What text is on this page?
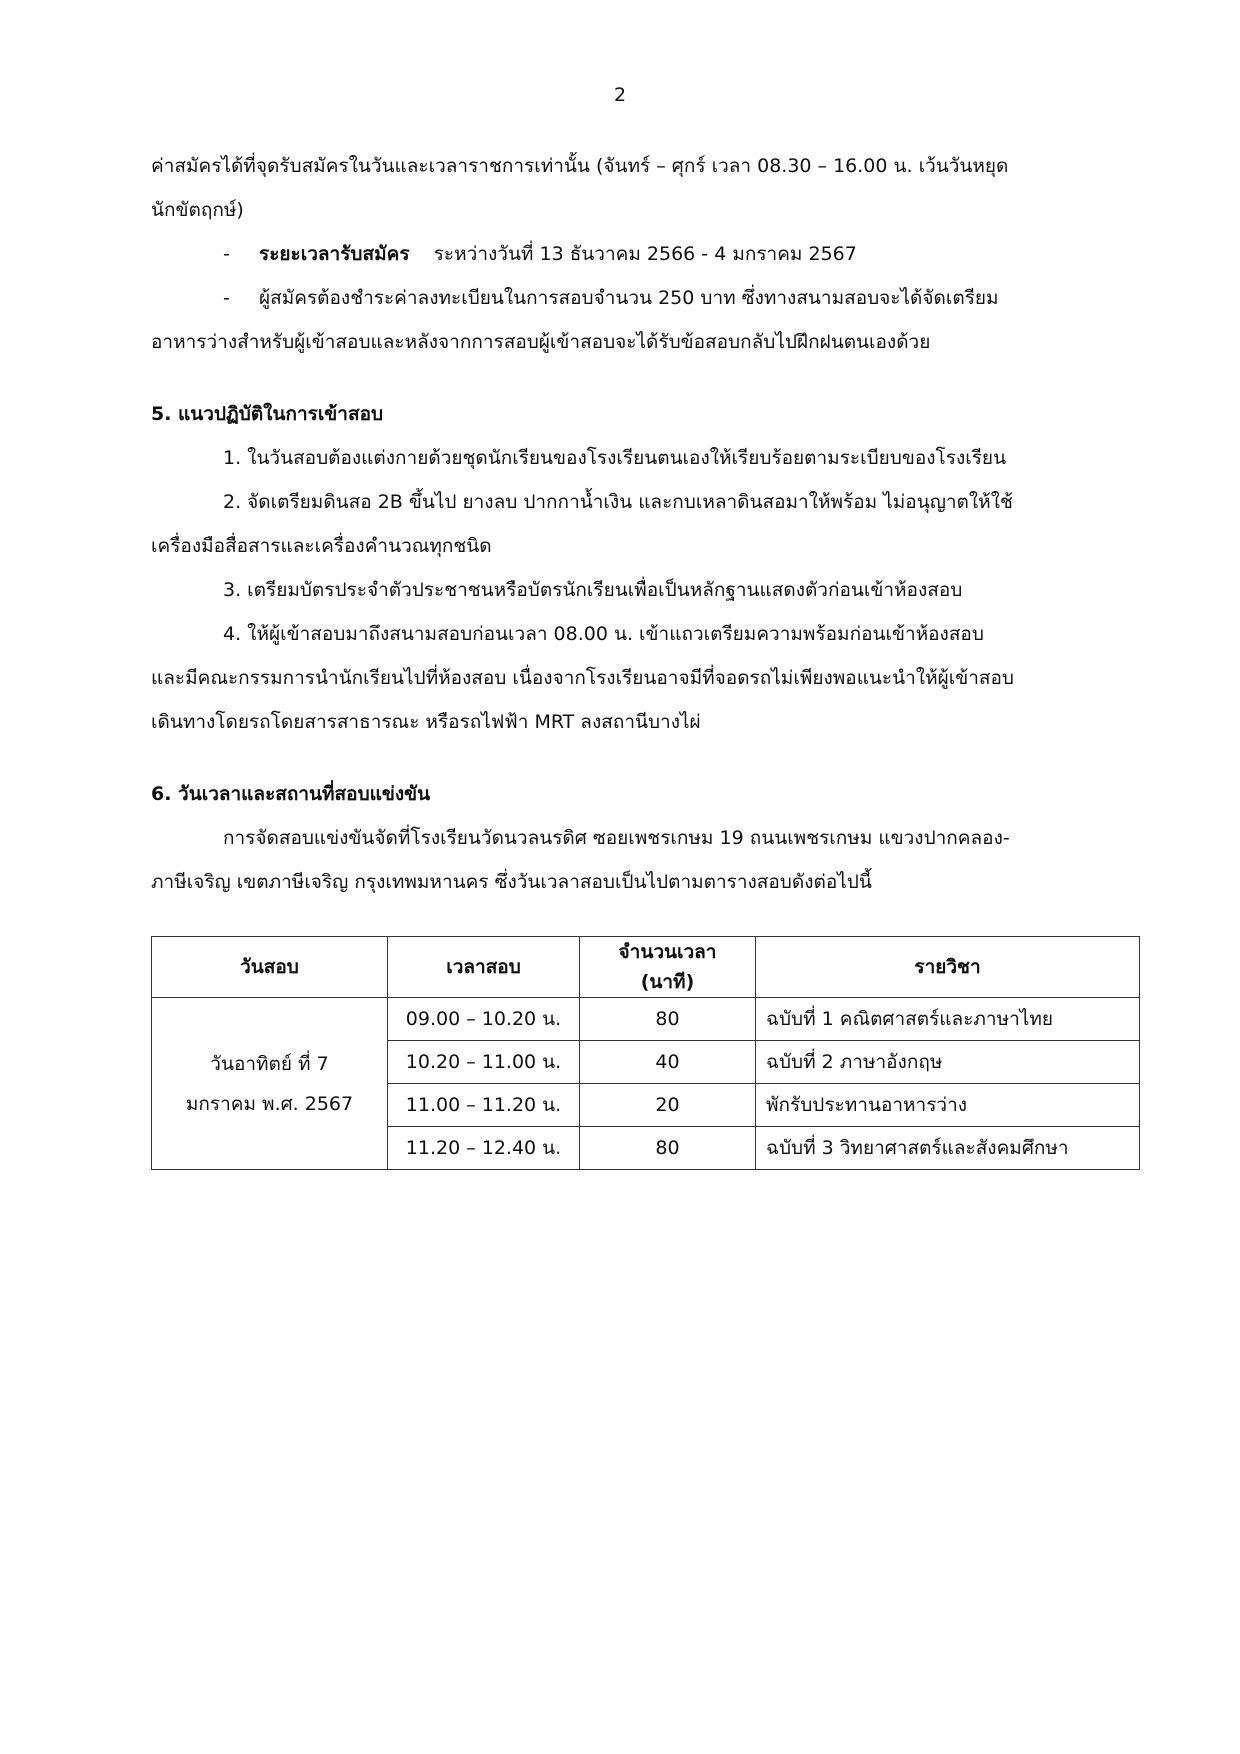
2

ค่าสมัครได้ที่จุดรับสมัครในวันและเวลาราชการเท่านั้น (จันทร์ – ศุกร์ เวลา 08.30 – 16.00 น. เว้นวันหยุด

นักขัตฤกษ์)

-	ระยะเวลารับสมัคร ระหว่างวันที่ 13 ธันวาคม 2566 - 4 มกราคม 2567

-	ผู้สมัครต้องชำระค่าลงทะเบียนในการสอบจำนวน 250 บาท ซึ่งทางสนามสอบจะได้จัดเตรียม

อาหารว่างสำหรับผู้เข้าสอบและหลังจากการสอบผู้เข้าสอบจะได้รับข้อสอบกลับไปฝึกฝนตนเองด้วย

5. แนวปฏิบัติในการเข้าสอบ

1. ในวันสอบต้องแต่งกายด้วยชุดนักเรียนของโรงเรียนตนเองให้เรียบร้อยตามระเบียบของโรงเรียน

2. จัดเตรียมดินสอ 2B ขึ้นไป ยางลบ ปากกาน้ำเงิน และกบเหลาดินสอมาให้พร้อม ไม่อนุญาตให้ใช้

เครื่องมือสื่อสารและเครื่องคำนวณทุกชนิด

3. เตรียมบัตรประจำตัวประชาชนหรือบัตรนักเรียนเพื่อเป็นหลักฐานแสดงตัวก่อนเข้าห้องสอบ

4. ให้ผู้เข้าสอบมาถึงสนามสอบก่อนเวลา 08.00 น. เข้าแถวเตรียมความพร้อมก่อนเข้าห้องสอบ

และมีคณะกรรมการนำนักเรียนไปที่ห้องสอบ เนื่องจากโรงเรียนอาจมีที่จอดรถไม่เพียงพอแนะนำให้ผู้เข้าสอบ

เดินทางโดยรถโดยสารสาธารณะ หรือรถไฟฟ้า MRT ลงสถานีบางไผ่

6. วันเวลาและสถานที่สอบแข่งขัน

การจัดสอบแข่งขันจัดที่โรงเรียนวัดนวลนรดิศ ซอยเพชรเกษม 19 ถนนเพชรเกษม แขวงปากคลอง-

ภาษีเจริญ เขตภาษีเจริญ กรุงเทพมหานคร ซึ่งวันเวลาสอบเป็นไปตามตารางสอบดังต่อไปนี้

วันสอบ	เวลาสอบ	จำนวนเวลา (นาที)	รายวิชา

วันอาทิตย์ ที่ 7
มกราคม พ.ศ. 2567	09.00 – 10.20 น.	80	ฉบับที่ 1 คณิตศาสตร์และภาษาไทย
	10.20 – 11.00 น.	40	ฉบับที่ 2 ภาษาอังกฤษ
	11.00 – 11.20 น.	20	พักรับประทานอาหารว่าง
	11.20 – 12.40 น.	80	ฉบับที่ 3 วิทยาศาสตร์และสังคมศึกษา
